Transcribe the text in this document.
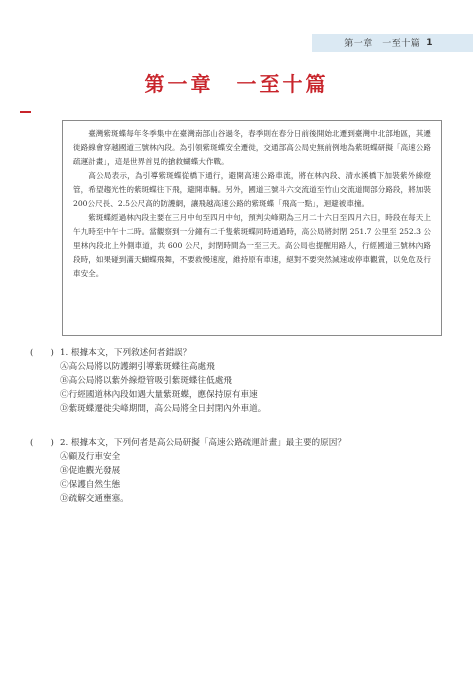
第一章　一至十篇 1
第一章　一至十篇

臺灣紫斑蝶每年冬季集中在臺灣南部山谷過冬，春季則在春分日前後開始北遷到臺灣中北部地區，其遷徙路線會穿越國道三號林內段。為引領紫斑蝶安全遷徙，交通部高公局史無前例地為紫斑蝶研擬「高速公路疏運計畫」，這是世界首見的搶救蝴蝶大作戰。

高公局表示，為引導紫斑蝶從橋下通行，避開高速公路車流，將在林內段、清水溪橋下加裝紫外線燈管，希望趨光性的紫斑蝶往下飛，避開車輛。另外，國道三號斗六交流道至竹山交流道間部分路段，將加裝200公尺長、2.5公尺高的防護網，讓飛越高速公路的紫斑蝶「飛高一點」，迴避被車撞。

紫斑蝶經過林內段主要在三月中旬至四月中旬，預判尖峰期為三月二十六日至四月六日，時段在每天上午九時至中午十二時。當觀察到一分鐘有二千隻紫斑蝶同時通過時，高公局將封閉 251.7 公里至 252.3 公里林內段北上外側車道，共 600 公尺，封閉時間為一至三天。高公局也提醒用路人，行經國道三號林內路段時，如果碰到滿天蝴蝶飛舞，不要救慢速度，維持原有車速，絕對不要突然減速或停車觀賞，以免危及行車安全。

(　　) 1. 根據本文，下列敘述何者錯誤？
Ⓐ高公局將以防護網引導紫斑蝶往高處飛
Ⓑ高公局將以紫外線燈管吸引紫斑蝶往低處飛
Ⓒ行經國道林內段如遇大量紫斑蝶，應保持原有車速
Ⓓ紫斑蝶遷徙尖峰期間，高公局將全日封閉內外車道。
(　　) 2. 根據本文，下列何者是高公局研擬「高速公路疏運計畫」最主要的原因？
Ⓐ顧及行車安全
Ⓑ促進觀光發展
Ⓒ保護自然生態
Ⓓ疏解交通壅塞。
